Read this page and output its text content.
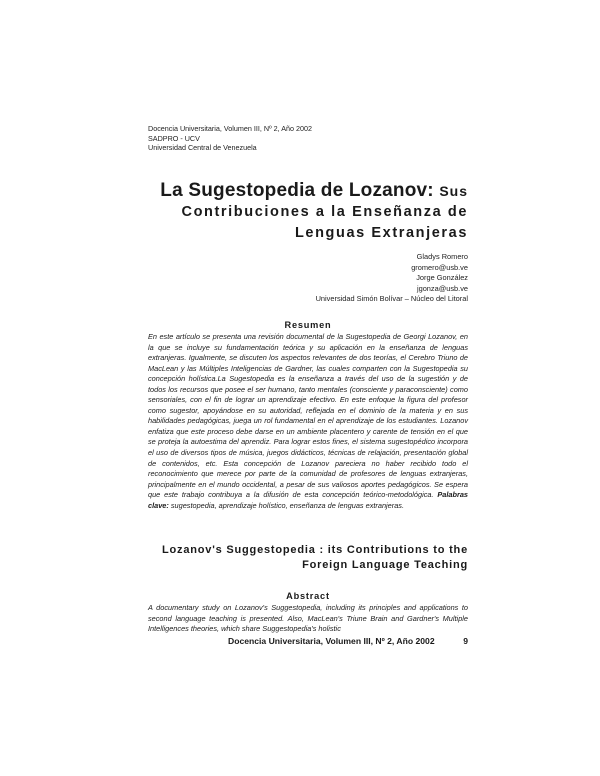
Docencia Universitaria, Volumen III, Nº 2, Año 2002
SADPRO - UCV
Universidad Central de Venezuela
La Sugestopedia de Lozanov: Sus
Contribuciones a la Enseñanza de
Lenguas Extranjeras
Gladys Romero
gromero@usb.ve
Jorge González
jgonza@usb.ve
Universidad Simón Bolívar – Núcleo del Litoral
Resumen
En este artículo se presenta una revisión documental de la Sugestopedia de Georgi Lozanov, en la que se incluye su fundamentación teórica y su aplicación en la enseñanza de lenguas extranjeras. Igualmente, se discuten los aspectos relevantes de dos teorías, el Cerebro Triuno de MacLean y las Múltiples Inteligencias de Gardner, las cuales comparten con la Sugestopedia su concepción holística.La Sugestopedia es la enseñanza a través del uso de la sugestión y de todos los recursos que posee el ser humano, tanto mentales (consciente y paraconsciente) como sensoriales, con el fin de lograr un aprendizaje efectivo. En este enfoque la figura del profesor como sugestor, apoyándose en su autoridad, reflejada en el dominio de la materia y en sus habilidades pedagógicas, juega un rol fundamental en el aprendizaje de los estudiantes. Lozanov enfatiza que este proceso debe darse en un ambiente placentero y carente de tensión en el que se proteja la autoestima del aprendiz. Para lograr estos fines, el sistema sugestopédico incorpora el uso de diversos tipos de música, juegos didácticos, técnicas de relajación, presentación global de contenidos, etc. Esta concepción de Lozanov pareciera no haber recibido todo el reconocimiento que merece por parte de la comunidad de profesores de lenguas extranjeras, principalmente en el mundo occidental, a pesar de sus valiosos aportes pedagógicos. Se espera que este trabajo contribuya a la difusión de esta concepción teórico-metodológica. Palabras clave: sugestopedia, aprendizaje holístico, enseñanza de lenguas extranjeras.
Lozanov's Suggestopedia : its Contributions to the
Foreign Language Teaching
Abstract
A documentary study on Lozanov's Suggestopedia, including its principles and applications to second language teaching is presented. Also, MacLean's Triune Brain and Gardner's Multiple Intelligences theories, which share Suggestopedia's holistic
Docencia Universitaria, Volumen III, Nº 2, Año 2002	9
